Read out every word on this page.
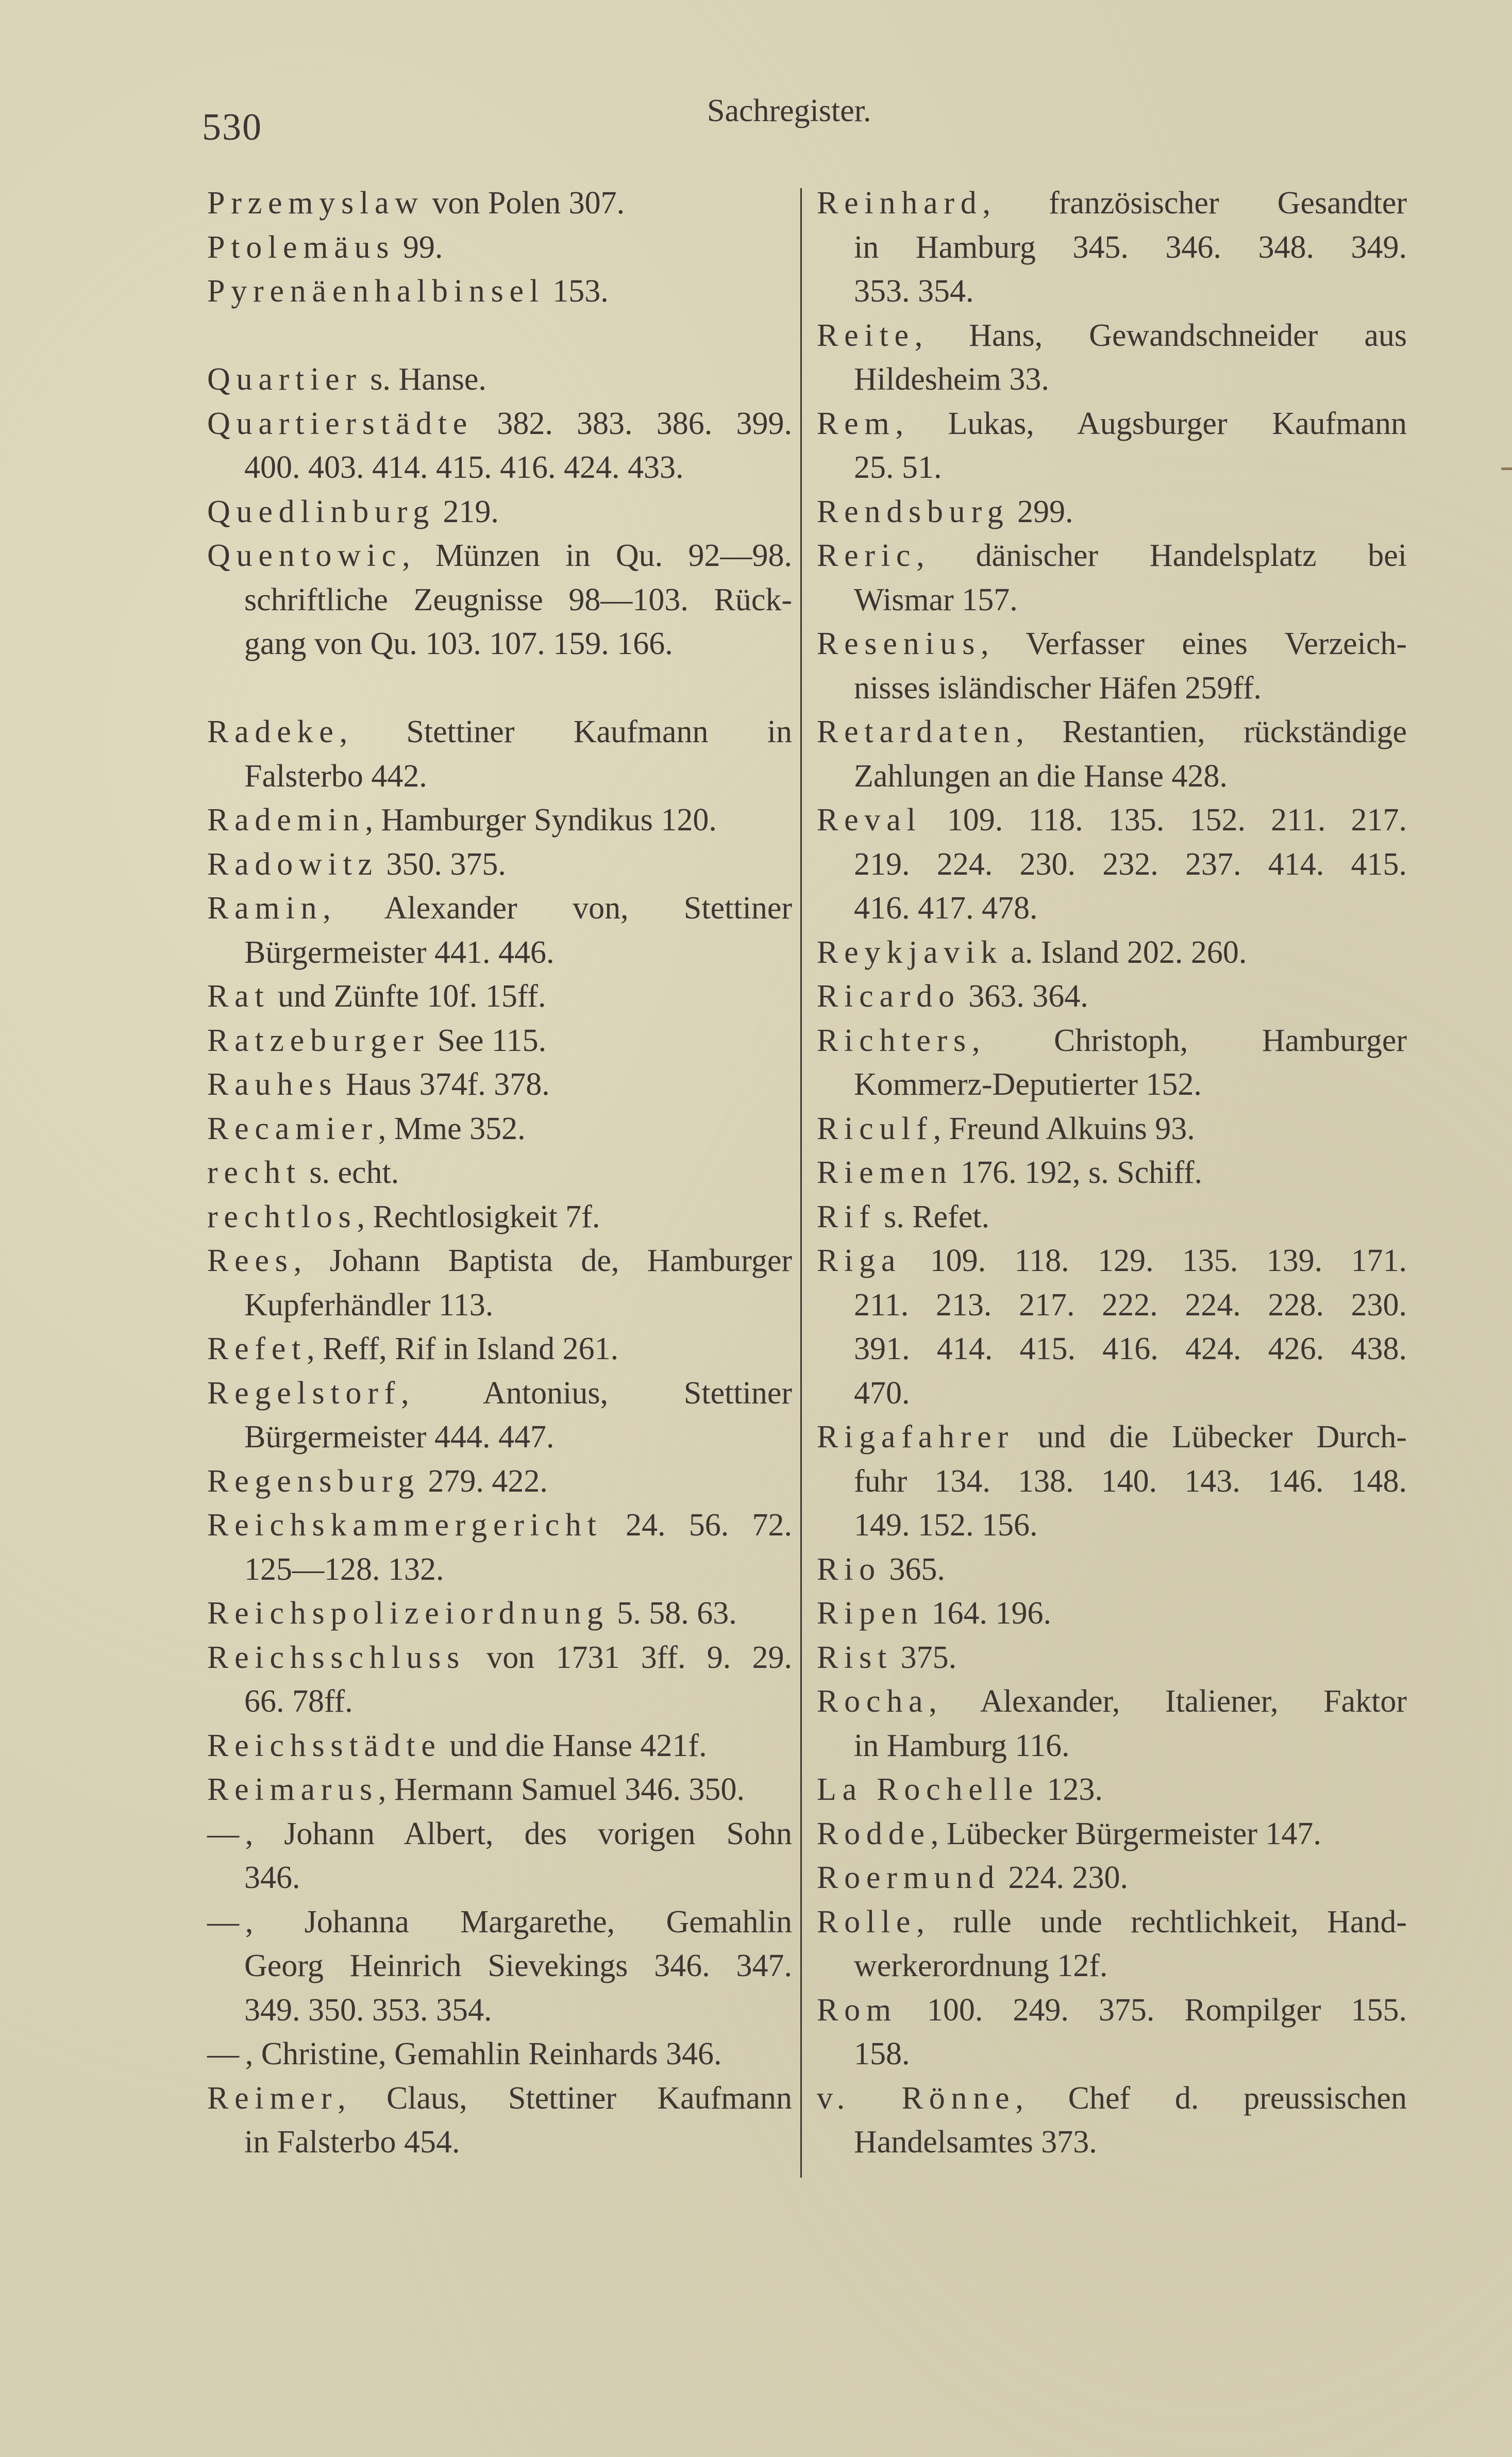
530	Sachregister.
Przemyslaw von Polen 307.
Ptolemäus 99.
Pyrenäenhalbinsel 153.
Quartier s. Hanse.
Quartierstädte 382. 383. 386. 399.
400. 403. 414. 415. 416. 424. 433.
Quedlinburg 219.
Quentowic, Münzen in Qu. 92—98.
schriftliche Zeugnisse 98—103. Rück-
gang von Qu. 103. 107. 159. 166.
Radeke, Stettiner Kaufmann in
Falsterbo 442.
Rademin, Hamburger Syndikus 120.
Radowitz 350. 375.
Ramin, Alexander von, Stettiner
Bürgermeister 441. 446.
Rat und Zünfte 10f. 15ff.
Ratzeburger See 115.
Rauhes Haus 374f. 378.
Recamier, Mme 352.
recht s. echt.
rechtlos, Rechtlosigkeit 7f.
Rees, Johann Baptista de, Hamburger
Kupferhändler 113.
Refet, Reff, Rif in Island 261.
Regelstorf, Antonius, Stettiner
Bürgermeister 444. 447.
Regensburg 279. 422.
Reichskammergericht 24. 56. 72.
125—128. 132.
Reichspolizeiordnung 5. 58. 63.
Reichsschluss von 1731 3ff. 9. 29.
66. 78ff.
Reichsstädte und die Hanse 421f.
Reimarus, Hermann Samuel 346. 350.
—, Johann Albert, des vorigen Sohn
346.
—, Johanna Margarethe, Gemahlin
Georg Heinrich Sievekings 346. 347.
349. 350. 353. 354.
—, Christine, Gemahlin Reinhards 346.
Reimer, Claus, Stettiner Kaufmann
in Falsterbo 454.
Reinhard, französischer Gesandter
in Hamburg 345. 346. 348. 349.
353. 354.
Reite, Hans, Gewandschneider aus
Hildesheim 33.
Rem, Lukas, Augsburger Kaufmann
25. 51.
Rendsburg 299.
Reric, dänischer Handelsplatz bei
Wismar 157.
Resenius, Verfasser eines Verzeich-
nisses isländischer Häfen 259ff.
Retardaten, Restantien, rückständige
Zahlungen an die Hanse 428.
Reval 109. 118. 135. 152. 211. 217.
219. 224. 230. 232. 237. 414. 415.
416. 417. 478.
Reykjavik a. Island 202. 260.
Ricardo 363. 364.
Richters, Christoph, Hamburger
Kommerz-Deputierter 152.
Riculf, Freund Alkuins 93.
Riemen 176. 192, s. Schiff.
Rif s. Refet.
Riga 109. 118. 129. 135. 139. 171.
211. 213. 217. 222. 224. 228. 230.
391. 414. 415. 416. 424. 426. 438.
470.
Rigafahrer und die Lübecker Durch-
fuhr 134. 138. 140. 143. 146. 148.
149. 152. 156.
Rio 365.
Ripen 164. 196.
Rist 375.
Rocha, Alexander, Italiener, Faktor
in Hamburg 116.
La Rochelle 123.
Rodde, Lübecker Bürgermeister 147.
Roermund 224. 230.
Rolle, rulle unde rechtlichkeit, Hand-
werkerordnung 12f.
Rom 100. 249. 375. Rompilger 155.
158.
v. Rönne, Chef d. preussischen
Handelsamtes 373.
